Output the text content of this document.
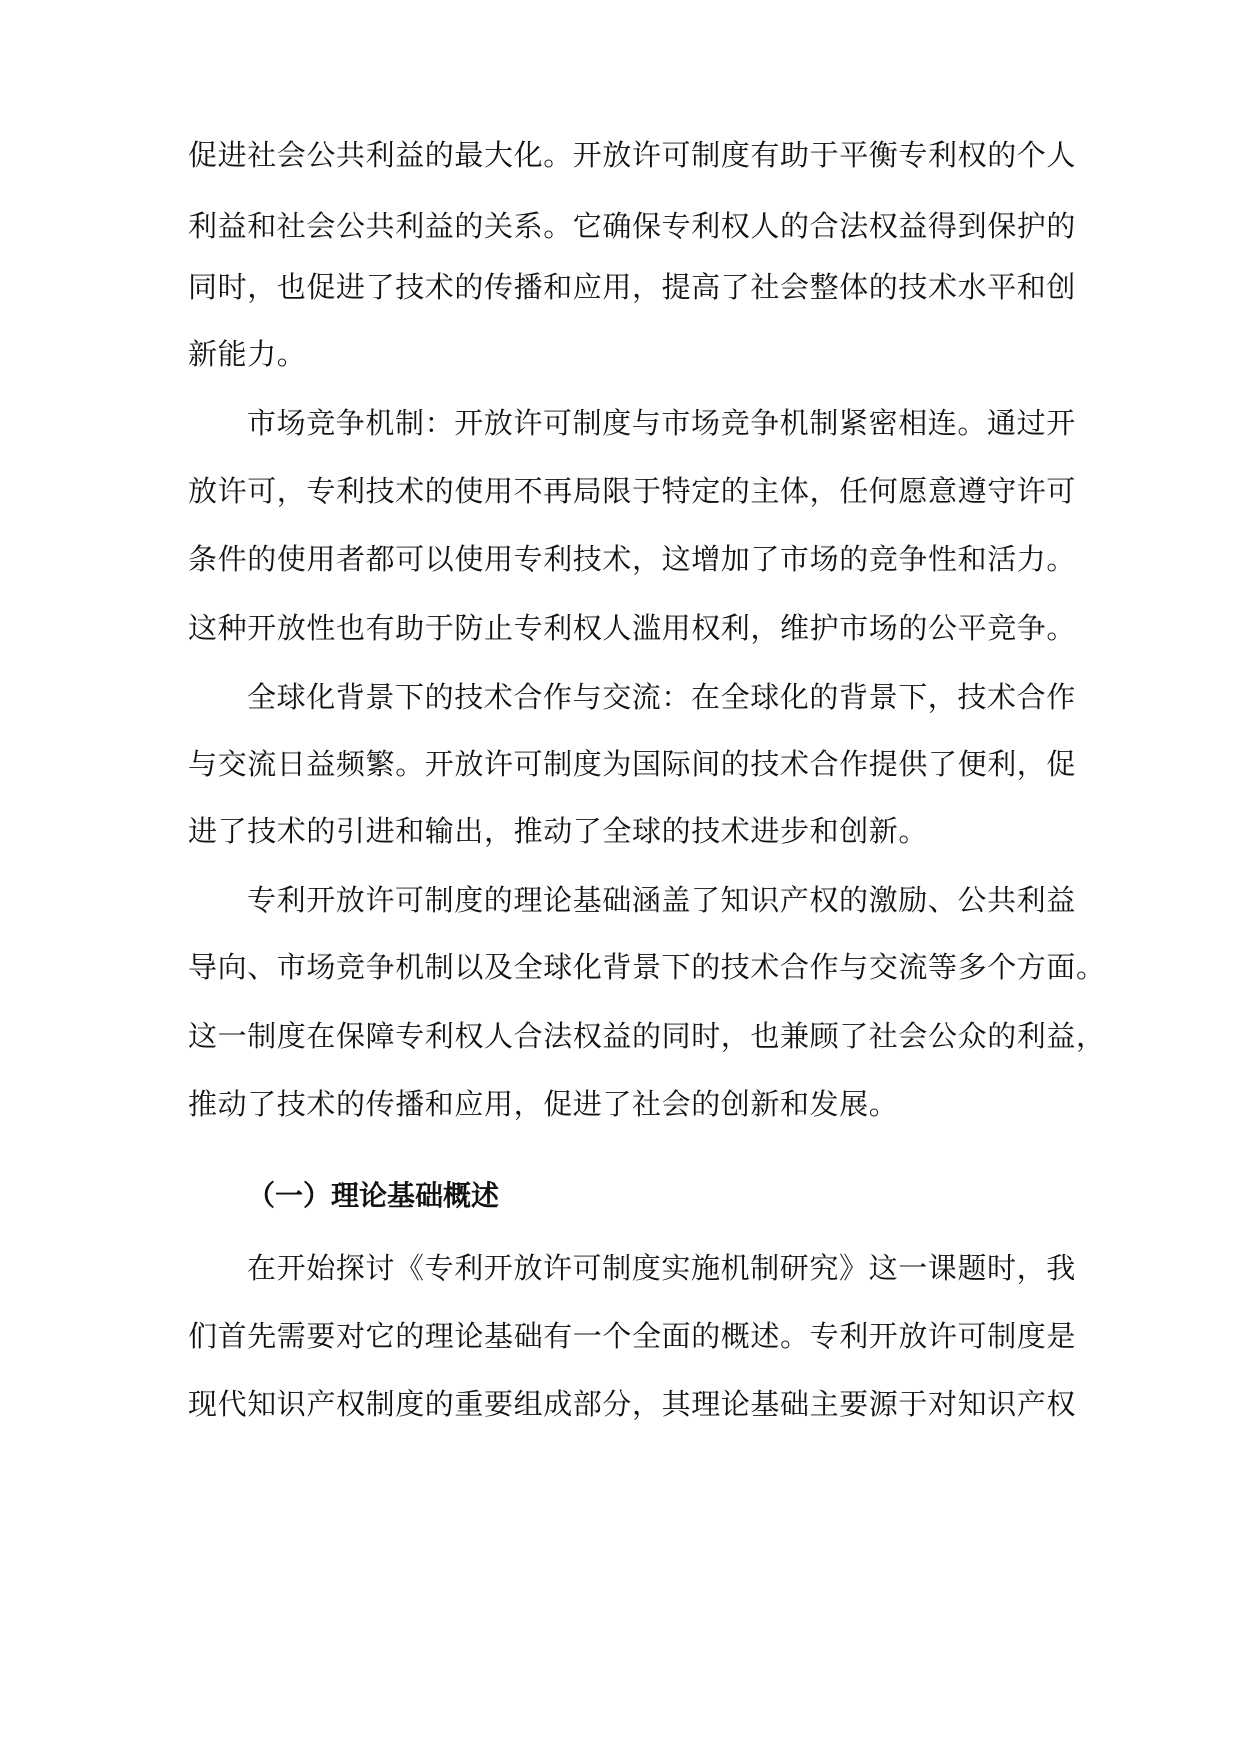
促进社会公共利益的最大化。开放许可制度有助于平衡专利权的个人
利益和社会公共利益的关系。它确保专利权人的合法权益得到保护的
同时，也促进了技术的传播和应用，提高了社会整体的技术水平和创
新能力。
市场竞争机制：开放许可制度与市场竞争机制紧密相连。通过开
放许可，专利技术的使用不再局限于特定的主体，任何愿意遵守许可
条件的使用者都可以使用专利技术，这增加了市场的竞争性和活力。
这种开放性也有助于防止专利权人滥用权利，维护市场的公平竞争。
全球化背景下的技术合作与交流：在全球化的背景下，技术合作
与交流日益频繁。开放许可制度为国际间的技术合作提供了便利，促
进了技术的引进和输出，推动了全球的技术进步和创新。
专利开放许可制度的理论基础涵盖了知识产权的激励、公共利益
导向、市场竞争机制以及全球化背景下的技术合作与交流等多个方面。
这一制度在保障专利权人合法权益的同时，也兼顾了社会公众的利益，
推动了技术的传播和应用，促进了社会的创新和发展。
（一）理论基础概述
在开始探讨《专利开放许可制度实施机制研究》这一课题时，我
们首先需要对它的理论基础有一个全面的概述。专利开放许可制度是
现代知识产权制度的重要组成部分，其理论基础主要源于对知识产权
